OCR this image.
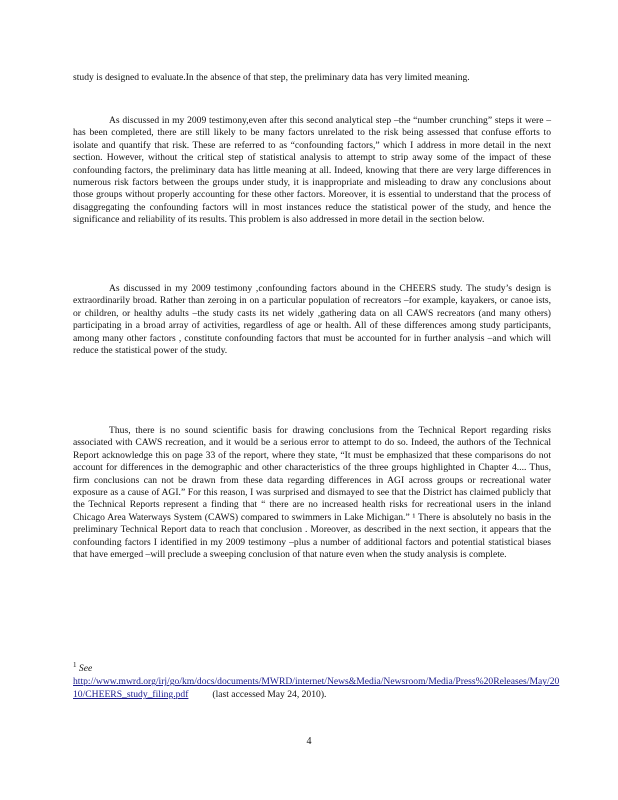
study is designed to evaluate.In the absence of that step, the preliminary data has very limited meaning.

As discussed in my 2009 testimony,even after this second analytical step –the “number crunching” steps it were –has been completed, there are still likely to be many factors unrelated to the risk being assessed that confuse efforts to isolate and quantify that risk. These are referred to as “confounding factors,” which I address in more detail in the next section. However, without the critical step of statistical analysis to attempt to strip away some of the impact of these confounding factors, the preliminary data has little meaning at all. Indeed, knowing that there are very large differences in numerous risk factors between the groups under study, it is inappropriate and misleading to draw any conclusions about those groups without properly accounting for these other factors. Moreover, it is essential to understand that the process of disaggregating the confounding factors will in most instances reduce the statistical power of the study, and hence the significance and reliability of its results. This problem is also addressed in more detail in the section below.

As discussed in my 2009 testimony ,confounding factors abound in the CHEERS study. The study’s design is extraordinarily broad. Rather than zeroing in on a particular population of recreators –for example, kayakers, or canoe ists, or children, or healthy adults –the study casts its net widely ,gathering data on all CAWS recreators (and many others) participating in a broad array of activities, regardless of age or health. All of these differences among study participants, among many other factors , constitute confounding factors that must be accounted for in further analysis –and which will reduce the statistical power of the study.

Thus, there is no sound scientific basis for drawing conclusions from the Technical Report regarding risks associated with CAWS recreation, and it would be a serious error to attempt to do so. Indeed, the authors of the Technical Report acknowledge this on page 33 of the report, where they state, “It must be emphasized that these comparisons do not account for differences in the demographic and other characteristics of the three groups highlighted in Chapter 4.... Thus, firm conclusions can not be drawn from these data regarding differences in AGI across groups or recreational water exposure as a cause of AGI.” For this reason, I was surprised and dismayed to see that the District has claimed publicly that the Technical Reports represent a finding that “ there are no increased health risks for recreational users in the inland Chicago Area Waterways System (CAWS) compared to swimmers in Lake Michigan.” ¹ There is absolutely no basis in the preliminary Technical Report data to reach that conclusion . Moreover, as described in the next section, it appears that the confounding factors I identified in my 2009 testimony –plus a number of additional factors and potential statistical biases that have emerged –will preclude a sweeping conclusion of that nature even when the study analysis is complete.

$^1$ See
http://www.mwrd.org/irj/go/km/docs/documents/MWRD/internet/News&Media/Newsroom/Media/Press%20Releases/May/2010/CHEERS_study_filing.pdf (last accessed May 24, 2010).
4
